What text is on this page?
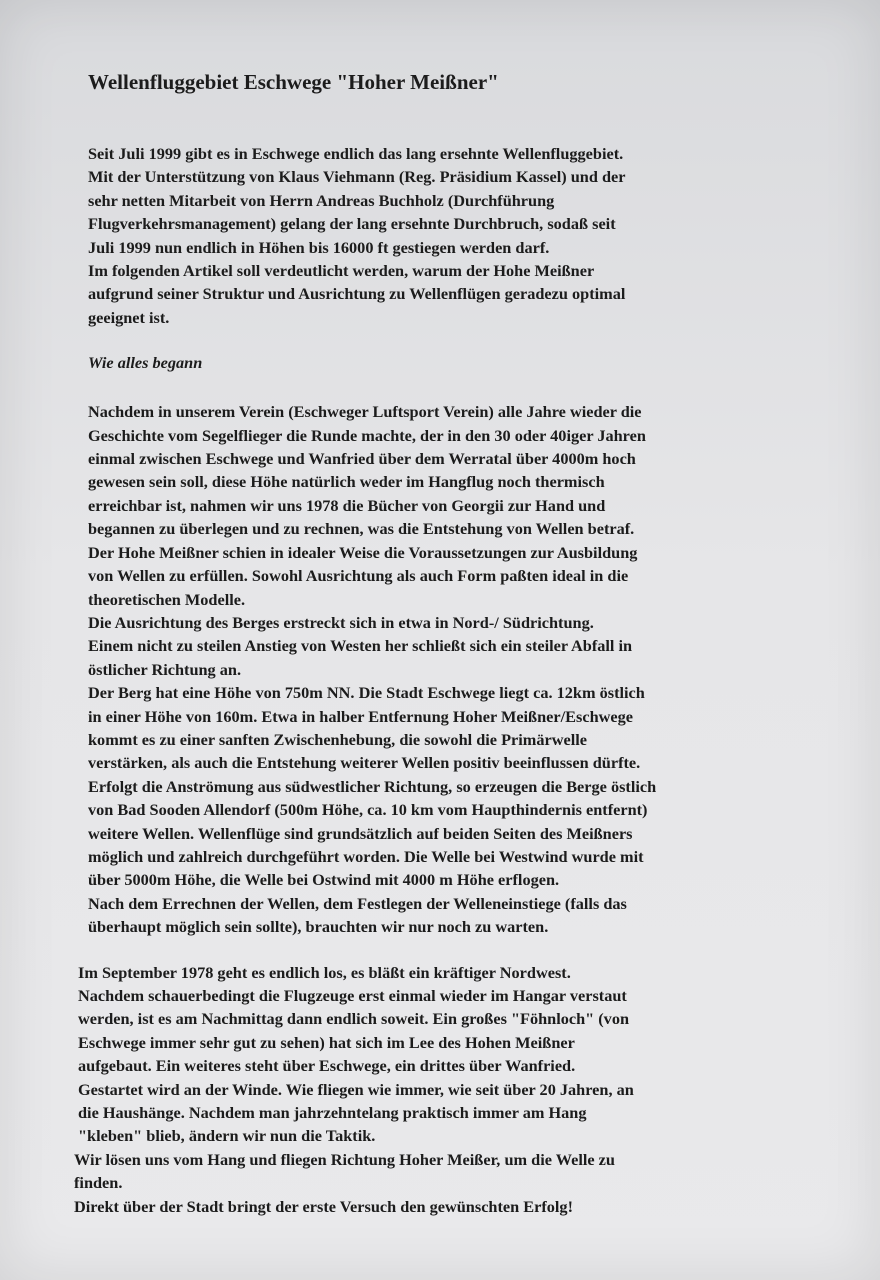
Wellenfluggebiet Eschwege "Hoher Meißner"
Seit Juli 1999 gibt es in Eschwege endlich das lang ersehnte Wellenfluggebiet.
Mit der Unterstützung von Klaus Viehmann (Reg. Präsidium Kassel) und der
sehr netten Mitarbeit von Herrn Andreas Buchholz (Durchführung
Flugverkehrsmanagement) gelang der lang ersehnte Durchbruch, sodaß seit
Juli 1999 nun endlich in Höhen bis 16000 ft gestiegen werden darf.
Im folgenden Artikel soll verdeutlicht werden, warum der Hohe Meißner
aufgrund seiner Struktur und Ausrichtung zu Wellenflügen geradezu optimal
geeignet ist.
Wie alles begann
Nachdem in unserem Verein (Eschweger Luftsport Verein) alle Jahre wieder die
Geschichte vom Segelflieger die Runde machte, der in den 30 oder 40iger Jahren
einmal zwischen Eschwege und Wanfried über dem Werratal über 4000m hoch
gewesen sein soll, diese Höhe natürlich weder im Hangflug noch thermisch
erreichbar ist, nahmen wir uns 1978 die Bücher von Georgii zur Hand und
begannen zu überlegen und zu rechnen, was die Entstehung von Wellen betraf.
Der Hohe Meißner schien in idealer Weise die Voraussetzungen zur Ausbildung
von Wellen zu erfüllen. Sowohl Ausrichtung als auch Form paßten ideal in die
theoretischen Modelle.
Die Ausrichtung des Berges erstreckt sich in etwa in Nord-/ Südrichtung.
Einem nicht zu steilen Anstieg von Westen her schließt sich ein steiler Abfall in
östlicher Richtung an.
Der Berg hat eine Höhe von 750m NN. Die Stadt Eschwege liegt ca. 12km östlich
in einer Höhe von 160m. Etwa in halber Entfernung Hoher Meißner/Eschwege
kommt es zu einer sanften Zwischenhebung, die sowohl die Primärwelle
verstärken, als auch die Entstehung weiterer Wellen positiv beeinflussen dürfte.
Erfolgt die Anströmung aus südwestlicher Richtung, so erzeugen die Berge östlich
von Bad Sooden Allendorf (500m Höhe, ca. 10 km vom Haupthindernis entfernt)
weitere Wellen. Wellenflüge sind grundsätzlich auf beiden Seiten des Meißners
möglich und zahlreich durchgeführt worden. Die Welle bei Westwind wurde mit
über 5000m Höhe, die Welle bei Ostwind mit 4000 m Höhe erflogen.
Nach dem Errechnen der Wellen, dem Festlegen der Welleneinstiege (falls das
überhaupt möglich sein sollte), brauchten wir nur noch zu warten.
Im September 1978 geht es endlich los, es bläßt ein kräftiger Nordwest.
Nachdem schauerbedingt die Flugzeuge erst einmal wieder im Hangar verstaut
werden, ist es am Nachmittag dann endlich soweit. Ein großes "Föhnloch" (von
Eschwege immer sehr gut zu sehen) hat sich im Lee des Hohen Meißner
aufgebaut. Ein weiteres steht über Eschwege, ein drittes über Wanfried.
Gestartet wird an der Winde. Wie fliegen wie immer, wie seit über 20 Jahren, an
die Haushänge. Nachdem man jahrzehntelang praktisch immer am Hang
"kleben" blieb, ändern wir nun die Taktik.
Wir lösen uns vom Hang und fliegen Richtung Hoher Meißer, um die Welle zu
finden.
Direkt über der Stadt bringt der erste Versuch den gewünschten Erfolg!
